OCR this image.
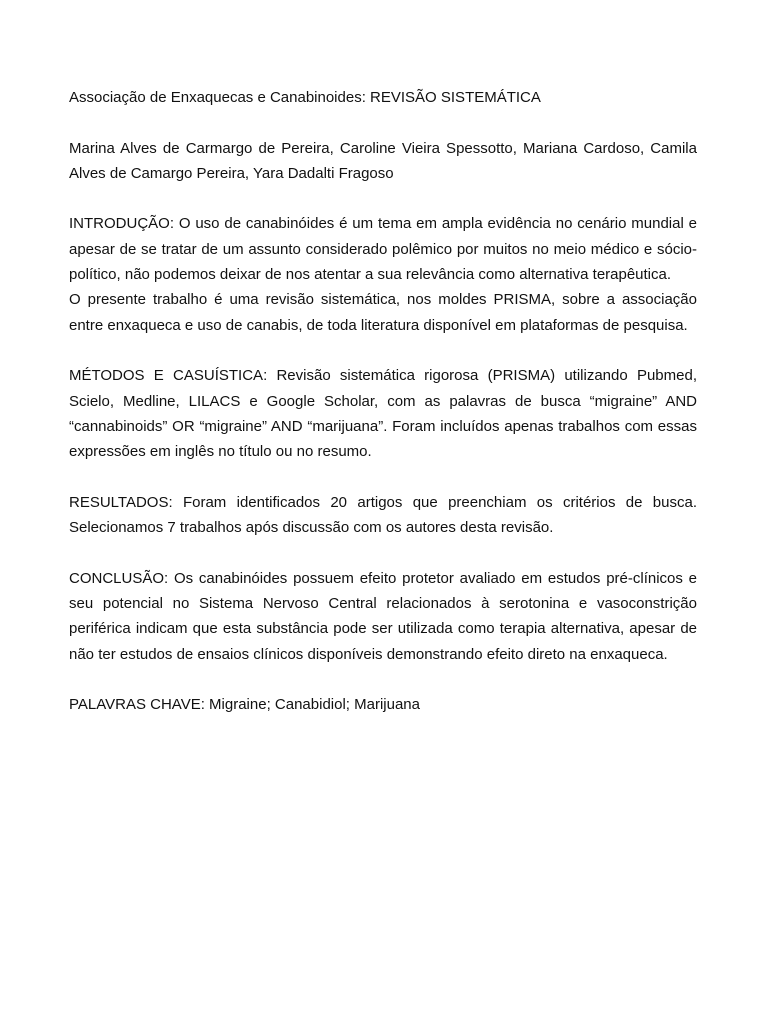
Associação de Enxaquecas e Canabinoides: REVISÃO SISTEMÁTICA

Marina Alves de Carmargo de Pereira, Caroline Vieira Spessotto, Mariana Cardoso, Camila Alves de Camargo Pereira, Yara Dadalti Fragoso

INTRODUÇÃO: O uso de canabinóides é um tema em ampla evidência no cenário mundial e apesar de se tratar de um assunto considerado polêmico por muitos no meio médico e sócio-político, não podemos deixar de nos atentar a sua relevância como alternativa terapêutica.

O presente trabalho é uma revisão sistemática, nos moldes PRISMA, sobre a associação entre enxaqueca e uso de canabis, de toda literatura disponível em plataformas de pesquisa.

MÉTODOS E CASUÍSTICA: Revisão sistemática rigorosa (PRISMA) utilizando Pubmed, Scielo, Medline, LILACS e Google Scholar, com as palavras de busca “migraine” AND “cannabinoids” OR “migraine” AND “marijuana”. Foram incluídos apenas trabalhos com essas expressões em inglês no título ou no resumo.

RESULTADOS: Foram identificados 20 artigos que preenchiam os critérios de busca. Selecionamos 7 trabalhos após discussão com os autores desta revisão.

CONCLUSÃO: Os canabinóides possuem efeito protetor avaliado em estudos pré-clínicos e seu potencial no Sistema Nervoso Central relacionados à serotonina e vasoconstrição periférica indicam que esta substância pode ser utilizada como terapia alternativa, apesar de não ter estudos de ensaios clínicos disponíveis demonstrando efeito direto na enxaqueca.

PALAVRAS CHAVE: Migraine; Canabidiol; Marijuana
